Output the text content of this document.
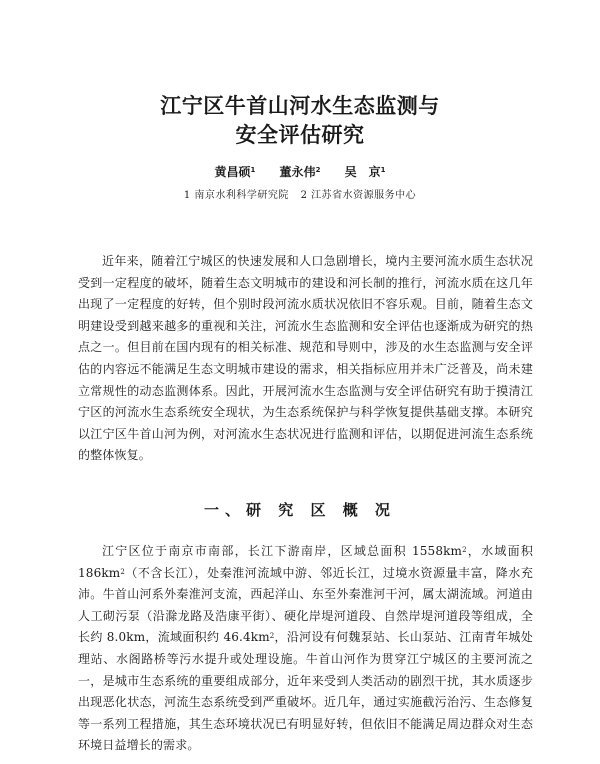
江宁区牛首山河水生态监测与
安全评估研究
黄昌硕$^1$ 董永伟$^2$ 吴　京$^1$
1 南京水利科学研究院 2 江苏省水资源服务中心

近年来，随着江宁城区的快速发展和人口急剧增长，境内主要河流水质生态状况受到一定程度的破坏，随着生态文明城市的建设和河长制的推行，河流水质在这几年出现了一定程度的好转，但个别时段河流水质状况依旧不容乐观。目前，随着生态文明建设受到越来越多的重视和关注，河流水生态监测和安全评估也逐渐成为研究的热点之一。但目前在国内现有的相关标准、规范和导则中，涉及的水生态监测与安全评估的内容远不能满足生态文明城市建设的需求，相关指标应用并未广泛普及，尚未建立常规性的动态监测体系。因此，开展河流水生态监测与安全评估研究有助于摸清江宁区的河流水生态系统安全现状，为生态系统保护与科学恢复提供基础支撑。本研究以江宁区牛首山河为例，对河流水生态状况进行监测和评估，以期促进河流生态系统的整体恢复。

一、研 究 区 概 况

江宁区位于南京市南部，长江下游南岸，区域总面积 $1558km^2$，水域面积 $186km^2$（不含长江），处秦淮河流域中游、邻近长江，过境水资源量丰富，降水充沛。牛首山河系外秦淮河支流，西起洋山、东至外秦淮河干河，属太湖流域。河道由人工砌污泵（沿滁龙路及浩康平街）、硬化岸堤河道段、自然岸堤河道段等组成，全长约 8.0km，流域面积约 $46.4km^2$，沿河设有何魏泵站、长山泵站、江南青年城处理站、水阁路桥等污水提升或处理设施。牛首山河作为贯穿江宁城区的主要河流之一，是城市生态系统的重要组成部分，近年来受到人类活动的剧烈干扰，其水质逐步出现恶化状态，河流生态系统受到严重破坏。近几年，通过实施截污治污、生态修复等一系列工程措施，其生态环境状况已有明显好转，但依旧不能满足周边群众对生态环境日益增长的需求。
